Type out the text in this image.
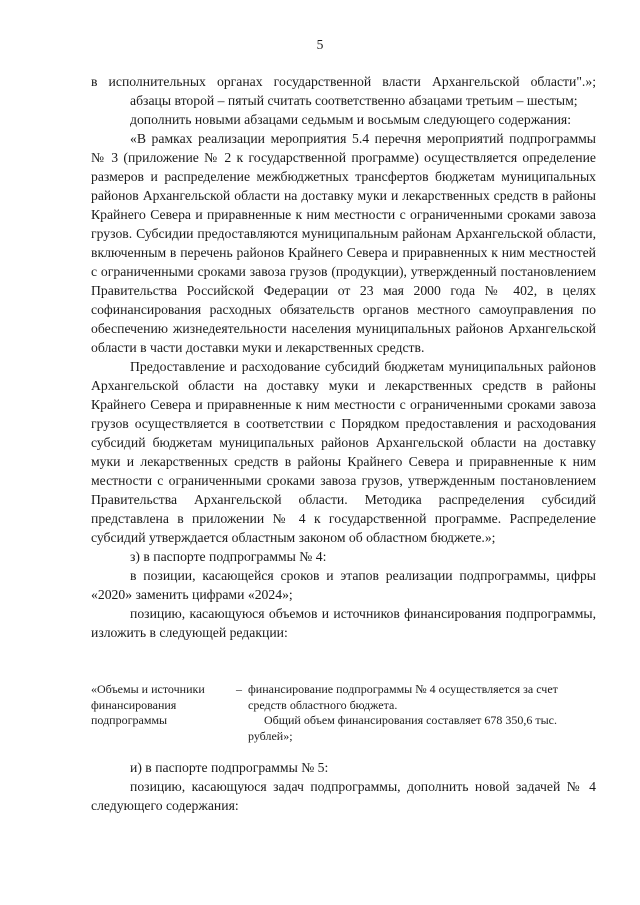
5

в исполнительных органах государственной власти Архангельской области".»;

абзацы второй – пятый считать соответственно абзацами третьим – шестым;

дополнить новыми абзацами седьмым и восьмым следующего содержания:

«В рамках реализации мероприятия 5.4 перечня мероприятий подпрограммы № 3 (приложение № 2 к государственной программе) осуществляется определение размеров и распределение межбюджетных трансфертов бюджетам муниципальных районов Архангельской области на доставку муки и лекарственных средств в районы Крайнего Севера и приравненные к ним местности с ограниченными сроками завоза грузов. Субсидии предоставляются муниципальным районам Архангельской области, включенным в перечень районов Крайнего Севера и приравненных к ним местностей с ограниченными сроками завоза грузов (продукции), утвержденный постановлением Правительства Российской Федерации от 23 мая 2000 года № 402, в целях софинансирования расходных обязательств органов местного самоуправления по обеспечению жизнедеятельности населения муниципальных районов Архангельской области в части доставки муки и лекарственных средств.

Предоставление и расходование субсидий бюджетам муниципальных районов Архангельской области на доставку муки и лекарственных средств в районы Крайнего Севера и приравненные к ним местности с ограниченными сроками завоза грузов осуществляется в соответствии с Порядком предоставления и расходования субсидий бюджетам муниципальных районов Архангельской области на доставку муки и лекарственных средств в районы Крайнего Севера и приравненные к ним местности с ограниченными сроками завоза грузов, утвержденным постановлением Правительства Архангельской области. Методика распределения субсидий представлена в приложении № 4 к государственной программе. Распределение субсидий утверждается областным законом об областном бюджете.»;

з) в паспорте подпрограммы № 4:

в позиции, касающейся сроков и этапов реализации подпрограммы, цифры «2020» заменить цифрами «2024»;

позицию, касающуюся объемов и источников финансирования подпрограммы, изложить в следующей редакции:

«Объемы и источники финансирования подпрограммы	–	финансирование подпрограммы № 4 осуществляется за счет средств областного бюджета.
Общий объем финансирования составляет 678 350,6 тыс. рублей»;

и) в паспорте подпрограммы № 5:

позицию, касающуюся задач подпрограммы, дополнить новой задачей № 4 следующего содержания:
